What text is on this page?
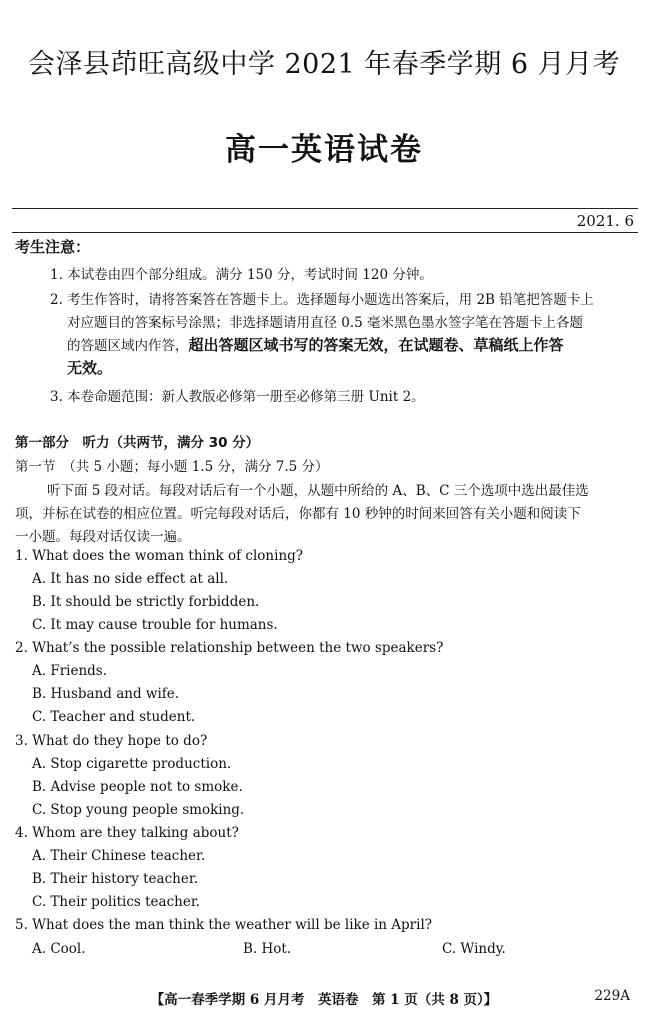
会泽县茚旺高级中学 2021 年春季学期 6 月月考
高一英语试卷
2021. 6
考生注意：
1. 本试卷由四个部分组成。满分 150 分，考试时间 120 分钟。
2. 考生作答时，请将答案答在答题卡上。选择题每小题选出答案后，用 2B 铅笔把答题卡上
对应题目的答案标号涂黑；非选择题请用直径 0.5 毫米黑色墨水签字笔在答题卡上各题
的答题区域内作答，超出答题区域书写的答案无效，在试题卷、草稿纸上作答
无效。
3. 本卷命题范围：新人教版必修第一册至必修第三册 Unit 2。
第一部分　听力（共两节，满分 30 分）
第一节　（共 5 小题；每小题 1.5 分，满分 7.5 分）
听下面 5 段对话。每段对话后有一个小题，从题中所给的 A、B、C 三个选项中选出最佳选
项，并标在试卷的相应位置。听完每段对话后，你都有 10 秒钟的时间来回答有关小题和阅读下
一小题。每段对话仅读一遍。
1. What does the woman think of cloning?
A. It has no side effect at all.
B. It should be strictly forbidden.
C. It may cause trouble for humans.
2. What’s the possible relationship between the two speakers?
A. Friends.
B. Husband and wife.
C. Teacher and student.
3. What do they hope to do?
A. Stop cigarette production.
B. Advise people not to smoke.
C. Stop young people smoking.
4. Whom are they talking about?
A. Their Chinese teacher.
B. Their history teacher.
C. Their politics teacher.
5. What does the man think the weather will be like in April?
A. Cool.	B. Hot.	C. Windy.
【高一春季学期 6 月月考　英语卷　第 1 页（共 8 页）】	229A
